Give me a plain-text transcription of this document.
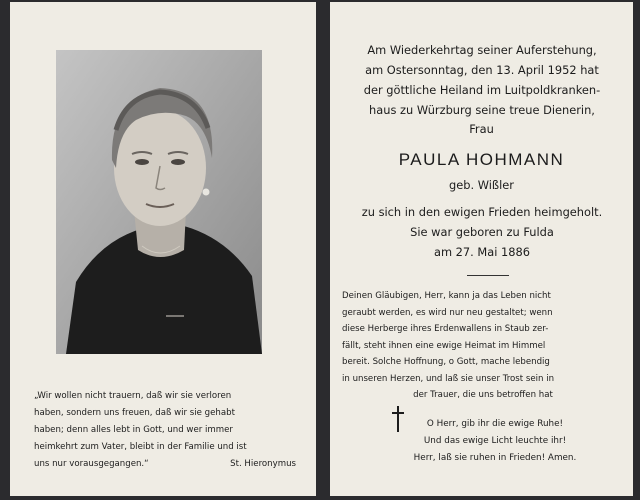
„Wir wollen nicht trauern, daß wir sie verloren
haben, sondern uns freuen, daß wir sie gehabt
haben; denn alles lebt in Gott, und wer immer
heimkehrt zum Vater, bleibt in der Familie und ist
uns nur vorausgegangen.“	St. Hieronymus
Am Wiederkehrtag seiner Auferstehung,
am Ostersonntag, den 13. April 1952 hat
der göttliche Heiland im Luitpoldkranken-
haus zu Würzburg seine treue Dienerin,
Frau
PAULA HOHMANN
geb. Wißler
zu sich in den ewigen Frieden heimgeholt.
Sie war geboren zu Fulda
am 27. Mai 1886
Deinen Gläubigen, Herr, kann ja das Leben nicht
geraubt werden, es wird nur neu gestaltet; wenn
diese Herberge ihres Erdenwallens in Staub zer-
fällt, steht ihnen eine ewige Heimat im Himmel
bereit. Solche Hoffnung, o Gott, mache lebendig
in unseren Herzen, und laß sie unser Trost sein in
der Trauer, die uns betroffen hat
O Herr, gib ihr die ewige Ruhe!
Und das ewige Licht leuchte ihr!
Herr, laß sie ruhen in Frieden! Amen.
